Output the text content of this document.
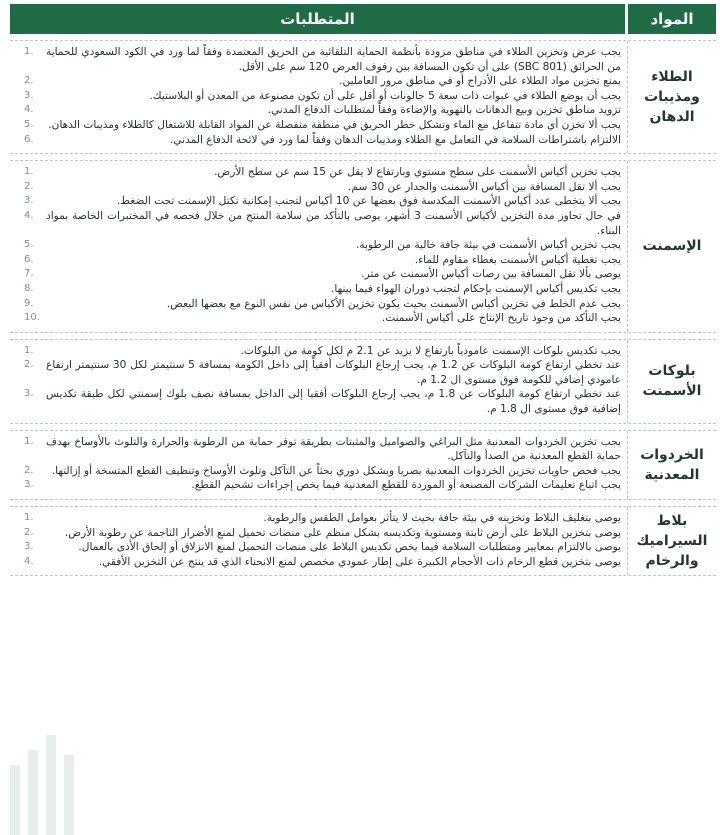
المواد
المتطلبات
الطلاء ومذيبات الدهان
يجب عرض وتخزين الطلاء في مناطق مزودة بأنظمة الحماية التلقائية من الحريق المعتمدة وفقاً لما ورد في الكود السعودي للحماية من الحرائق (SBC 801) على أن تكون المسافة بين رفوف العرض 120 سم على الأقل.
1.
يمنع تخزين مواد الطلاء على الأدراج أو في مناطق مرور العاملين.
2.
يجب أن يوضع الطلاء في عبوات ذات سعة 5 جالونات أو أقل على أن تكون مصنوعة من المعدن أو البلاستيك.
3.
تزويد مناطق تخزين وبيع الدهانات بالتهوية والإضاءة وفقاً لمتطلبات الدفاع المدني.
4.
يجب ألا تخزن أي مادة تتفاعل مع الماء وتشكل خطر الحريق في منطقة منفصلة عن المواد القابلة للاشتعال كالطلاء ومذيبات الدهان.
5.
الالتزام باشتراطات السلامة في التعامل مع الطلاء ومذيبات الدهان وفقاً لما ورد في لائحة الدفاع المدني.
6.
الإسمنت
يجب تخزين أكياس الأسمنت على سطح مستوي وبارتفاع لا يقل عن 15 سم عن سطح الأرض.
1.
يجب ألا تقل المسافة بين أكياس الأسمنت والجدار عن 30 سم.
2.
يجب ألا يتخطى عدد أكياس الأسمنت المكدسة فوق بعضها عن 10 أكياس لتجنب إمكانية تكتل الإسمنت تحت الضغط.
3.
في حال تجاوز مدة التخزين لأكياس الأسمنت 3 أشهر، يوصى بالتأكد من سلامة المنتج من خلال فحصه في المختبرات الخاصة بمواد البناء.
4.
يجب تخزين أكياس الأسمنت في بيئة جافة خالية من الرطوبة.
5.
يجب تغطية أكياس الأسمنت بغطاء مقاوم للماء.
6.
يوصى بألا تقل المسافة بين رصات أكياس الأسمنت عن متر.
7.
يجب تكديس أكياس الإسمنت بإحكام لتجنب دوران الهواء فيما بينها.
8.
يجب عدم الخلط في تخزين أكياس الأسمنت بحيث يكون تخزين الأكياس من نفس النوع مع بعضها البعض.
9.
يجب التأكد من وجود تاريخ الإنتاج على أكياس الأسمنت.
10.
بلوكات الأسمنت
يجب تكديس بلوكات الإسمنت عامودياً بارتفاع لا يزيد عن 2.1 م لكل كومة من البلوكات.
1.
عند تخطي ارتفاع كومة البلوكات عن 1.2 م، يجب إرجاع البلوكات أفقياً إلى داخل الكومة بمسافة 5 سنتيمتر لكل 30 سنتيمتر ارتفاع عامودي إضافي للكومة فوق مستوى ال 1.2 م.
2.
عند تخطي ارتفاع كومة البلوكات عن 1.8 م، يجب إرجاع البلوكات أفقيا إلى الداخل بمسافة نصف بلوك إسمنتي لكل طبقة تكديس إضافية فوق مستوى ال 1.8 م.
3.
الخردوات المعدنية
يجب تخزين الخردوات المعدنية مثل البراغي والصواميل والمثبتات بطريقة توفر حماية من الرطوبة والحرارة والتلوث بالأوساخ بهدف حماية القطع المعدنية من الصدأ والتآكل.
1.
يجب فحص حاويات تخزين الخردوات المعدنية بصريا وبشكل دوري بحثاً عن التآكل وتلوث الأوساخ وتنظيف القطع المتسخة أو إزالتها.
2.
يجب اتباع تعليمات الشركات المصنعة أو الموردة للقطع المعدنية فيما يخص إجراءات تشحيم القطع.
3.
بلاط السيراميك والرخام
يوصى بتغليف البلاط وتخزينه في بيئة جافة بحيث لا يتأثر بعوامل الطقس والرطوبة.
1.
يوصى بتخزين البلاط على أرض ثابتة ومستوية وتكديسه بشكل منظم على منصات تحميل لمنع الأضرار الناجمة عن رطوبة الأرض.
2.
يوصى بالالتزام بمعايير ومتطلبات السلامة فيما يخص تكديس البلاط على منصات التحميل لمنع الانزلاق أو إلحاق الأذى بالعمال.
3.
يوصى بتخزين قطع الرخام ذات الأحجام الكبيرة على إطار عمودي مخصص لمنع الانحناء الذي قد ينتج عن التخزين الأفقي.
4.
